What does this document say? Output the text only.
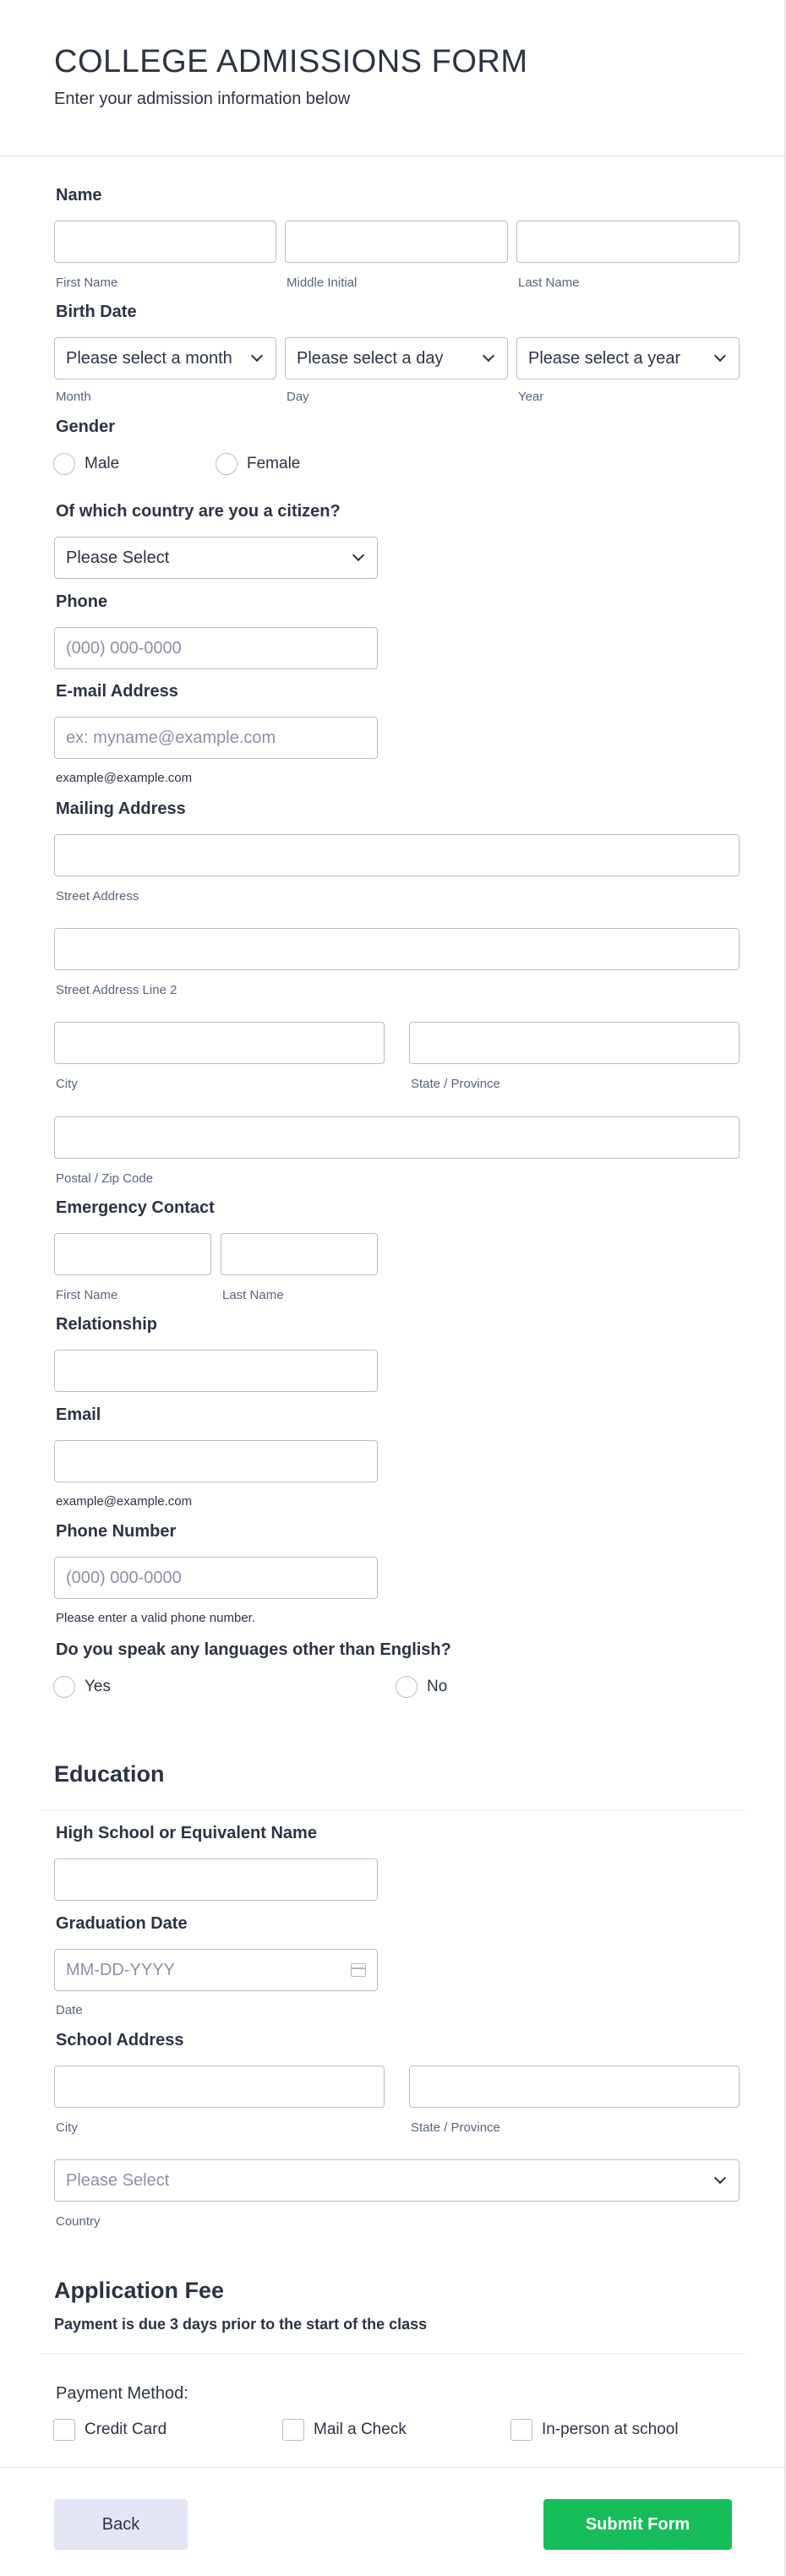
COLLEGE ADMISSIONS FORM
Enter your admission information below
Name
First Name	Middle Initial	Last Name
Birth Date
Please select a month	Please select a day	Please select a year
Month	Day	Year
Gender
Male	Female
Of which country are you a citizen?
Please Select
Phone
(000) 000-0000
E-mail Address
ex: myname@example.com
example@example.com
Mailing Address
Street Address
Street Address Line 2
City	State / Province
Postal / Zip Code
Emergency Contact
First Name	Last Name
Relationship
Email
example@example.com
Phone Number
(000) 000-0000
Please enter a valid phone number.
Do you speak any languages other than English?
Yes	No
Education
High School or Equivalent Name
Graduation Date
MM-DD-YYYY
Date
School Address
City	State / Province
Please Select
Country
Application Fee
Payment is due 3 days prior to the start of the class
Payment Method:
Credit Card	Mail a Check	In-person at school
Back	Submit Form
